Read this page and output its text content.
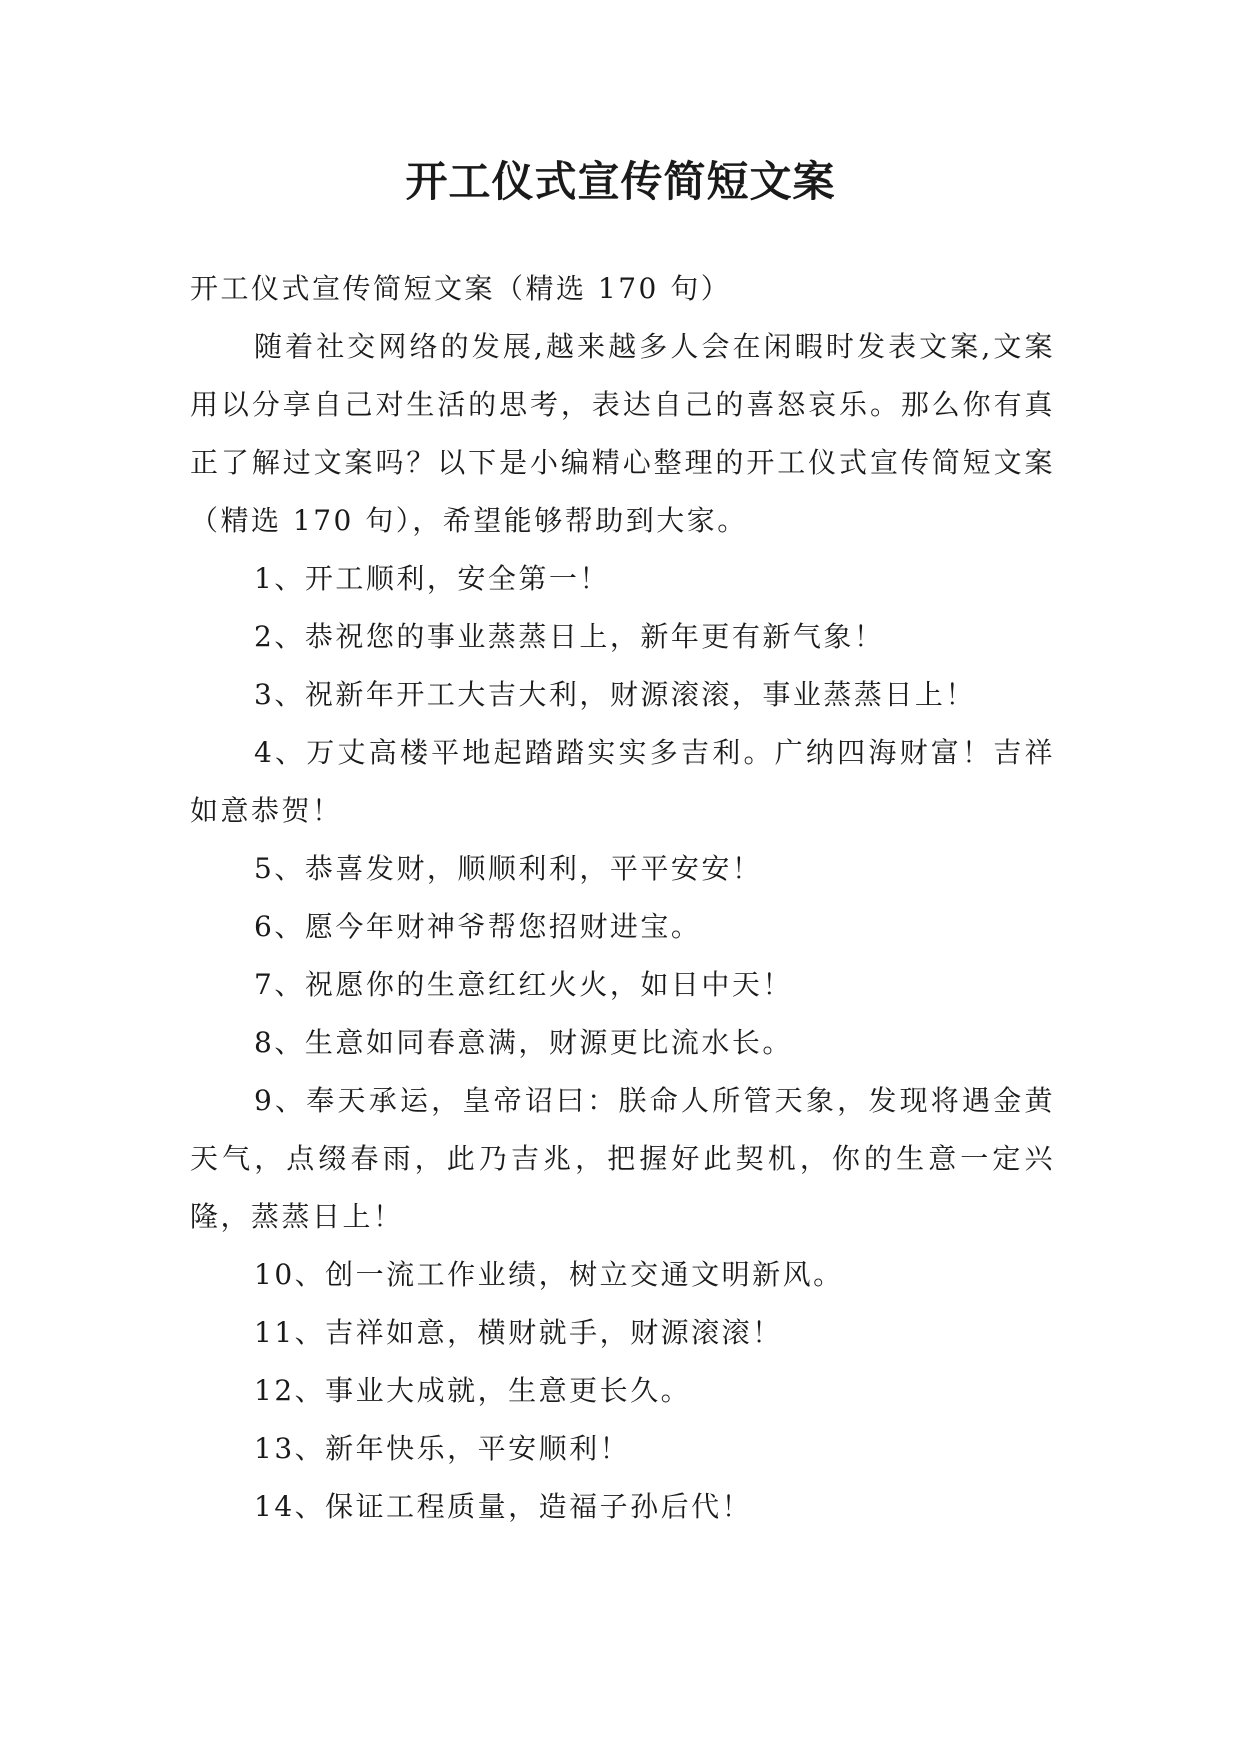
开工仪式宣传简短文案

开工仪式宣传简短文案（精选 170 句）

随着社交网络的发展,越来越多人会在闲暇时发表文案,文案用以分享自己对生活的思考，表达自己的喜怒哀乐。那么你有真正了解过文案吗？以下是小编精心整理的开工仪式宣传简短文案（精选 170 句），希望能够帮助到大家。

1、开工顺利，安全第一！

2、恭祝您的事业蒸蒸日上，新年更有新气象！

3、祝新年开工大吉大利，财源滚滚，事业蒸蒸日上！

4、万丈高楼平地起踏踏实实多吉利。广纳四海财富！吉祥如意恭贺！

5、恭喜发财，顺顺利利，平平安安！

6、愿今年财神爷帮您招财进宝。

7、祝愿你的生意红红火火，如日中天！

8、生意如同春意满，财源更比流水长。

9、奉天承运，皇帝诏曰：朕命人所管天象，发现将遇金黄天气，点缀春雨，此乃吉兆，把握好此契机，你的生意一定兴隆，蒸蒸日上！

10、创一流工作业绩，树立交通文明新风。

11、吉祥如意，横财就手，财源滚滚！

12、事业大成就，生意更长久。

13、新年快乐，平安顺利！

14、保证工程质量，造福子孙后代！
